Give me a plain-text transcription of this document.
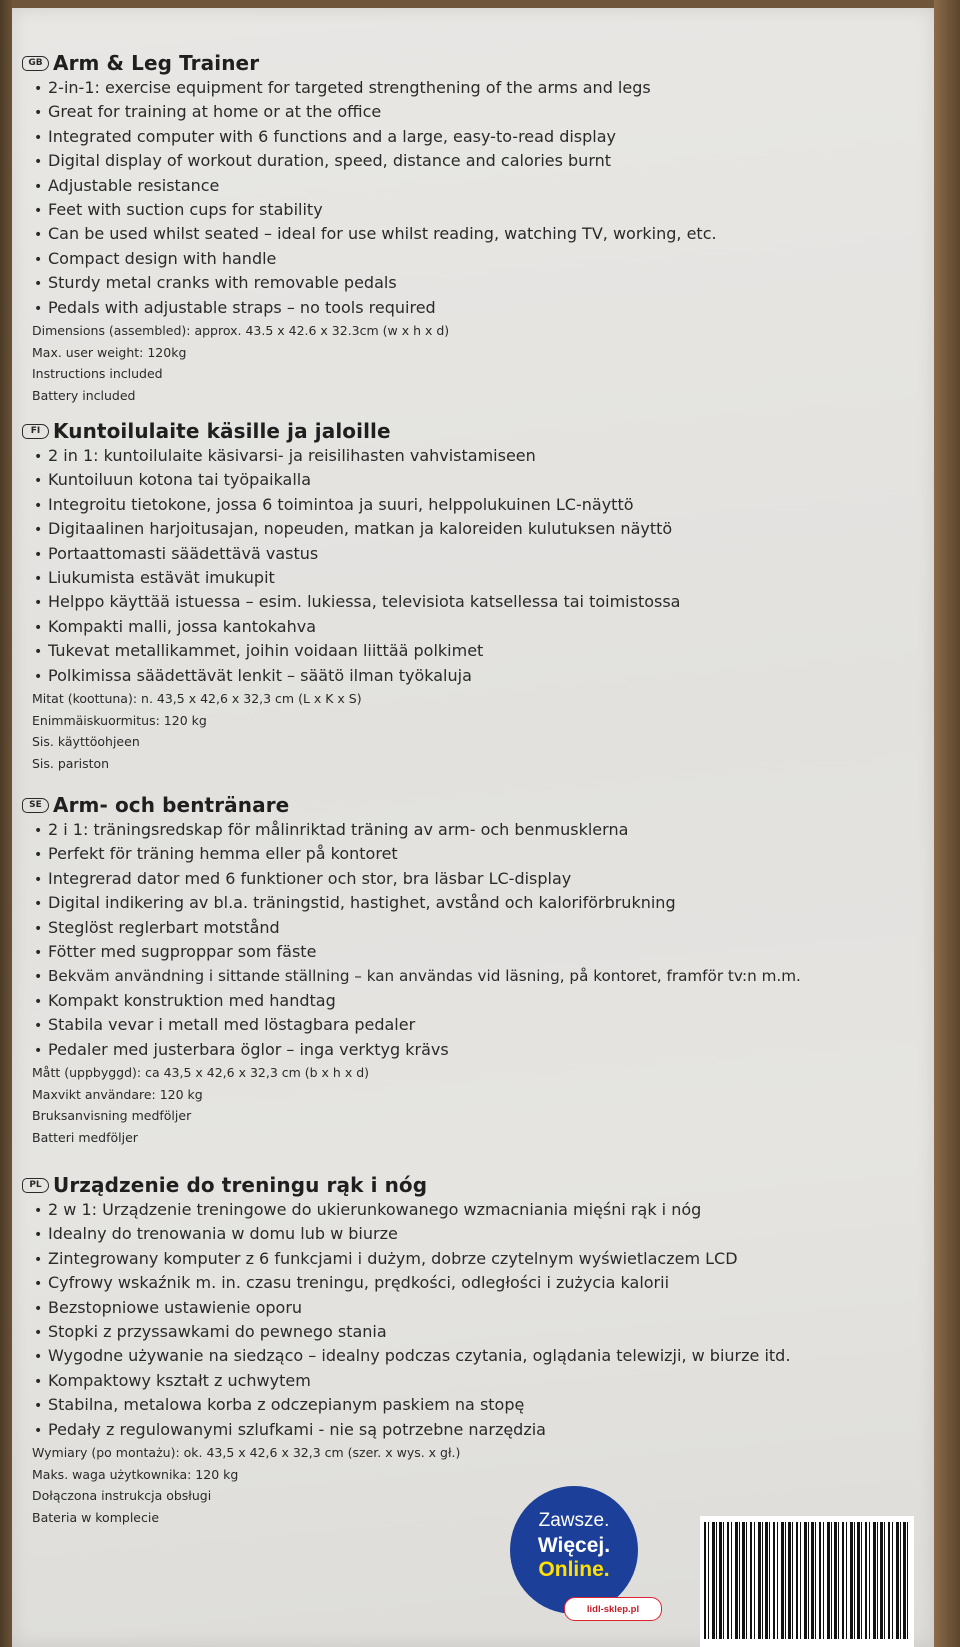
GB Arm & Leg Trainer
• 2-in-1: exercise equipment for targeted strengthening of the arms and legs
• Great for training at home or at the office
• Integrated computer with 6 functions and a large, easy-to-read display
• Digital display of workout duration, speed, distance and calories burnt
• Adjustable resistance
• Feet with suction cups for stability
• Can be used whilst seated – ideal for use whilst reading, watching TV, working, etc.
• Compact design with handle
• Sturdy metal cranks with removable pedals
• Pedals with adjustable straps – no tools required
Dimensions (assembled): approx. 43.5 x 42.6 x 32.3cm (w x h x d)
Max. user weight: 120kg
Instructions included
Battery included
FI Kuntoilulaite käsille ja jaloille
• 2 in 1: kuntoilulaite käsivarsi- ja reisilihasten vahvistamiseen
• Kuntoiluun kotona tai työpaikalla
• Integroitu tietokone, jossa 6 toimintoa ja suuri, helppolukuinen LC-näyttö
• Digitaalinen harjoitusajan, nopeuden, matkan ja kaloreiden kulutuksen näyttö
• Portaattomasti säädettävä vastus
• Liukumista estävät imukupit
• Helppo käyttää istuessa – esim. lukiessa, televisiota katsellessa tai toimistossa
• Kompakti malli, jossa kantokahva
• Tukevat metallikammet, joihin voidaan liittää polkimet
• Polkimissa säädettävät lenkit – säätö ilman työkaluja
Mitat (koottuna): n. 43,5 x 42,6 x 32,3 cm (L x K x S)
Enimmäiskuormitus: 120 kg
Sis. käyttöohjeen
Sis. pariston
SE Arm- och bentränare
• 2 i 1: träningsredskap för målinriktad träning av arm- och benmusklerna
• Perfekt för träning hemma eller på kontoret
• Integrerad dator med 6 funktioner och stor, bra läsbar LC-display
• Digital indikering av bl.a. träningstid, hastighet, avstånd och kaloriförbrukning
• Steglöst reglerbart motstånd
• Fötter med sugproppar som fäste
• Bekväm användning i sittande ställning – kan användas vid läsning, på kontoret, framför tv:n m.m.
• Kompakt konstruktion med handtag
• Stabila vevar i metall med löstagbara pedaler
• Pedaler med justerbara öglor – inga verktyg krävs
Mått (uppbyggd): ca 43,5 x 42,6 x 32,3 cm (b x h x d)
Maxvikt användare: 120 kg
Bruksanvisning medföljer
Batteri medföljer
PL Urządzenie do treningu rąk i nóg
• 2 w 1: Urządzenie treningowe do ukierunkowanego wzmacniania mięśni rąk i nóg
• Idealny do trenowania w domu lub w biurze
• Zintegrowany komputer z 6 funkcjami i dużym, dobrze czytelnym wyświetlaczem LCD
• Cyfrowy wskaźnik m. in. czasu treningu, prędkości, odległości i zużycia kalorii
• Bezstopniowe ustawienie oporu
• Stopki z przyssawkami do pewnego stania
• Wygodne używanie na siedząco – idealny podczas czytania, oglądania telewizji, w biurze itd.
• Kompaktowy kształt z uchwytem
• Stabilna, metalowa korba z odczepianym paskiem na stopę
• Pedały z regulowanymi szlufkami - nie są potrzebne narzędzia
Wymiary (po montażu): ok. 43,5 x 42,6 x 32,3 cm (szer. x wys. x gł.)
Maks. waga użytkownika: 120 kg
Dołączona instrukcja obsługi
Bateria w komplecie	Zawsze.
Więcej.
Online.
lidl-sklep.pl
